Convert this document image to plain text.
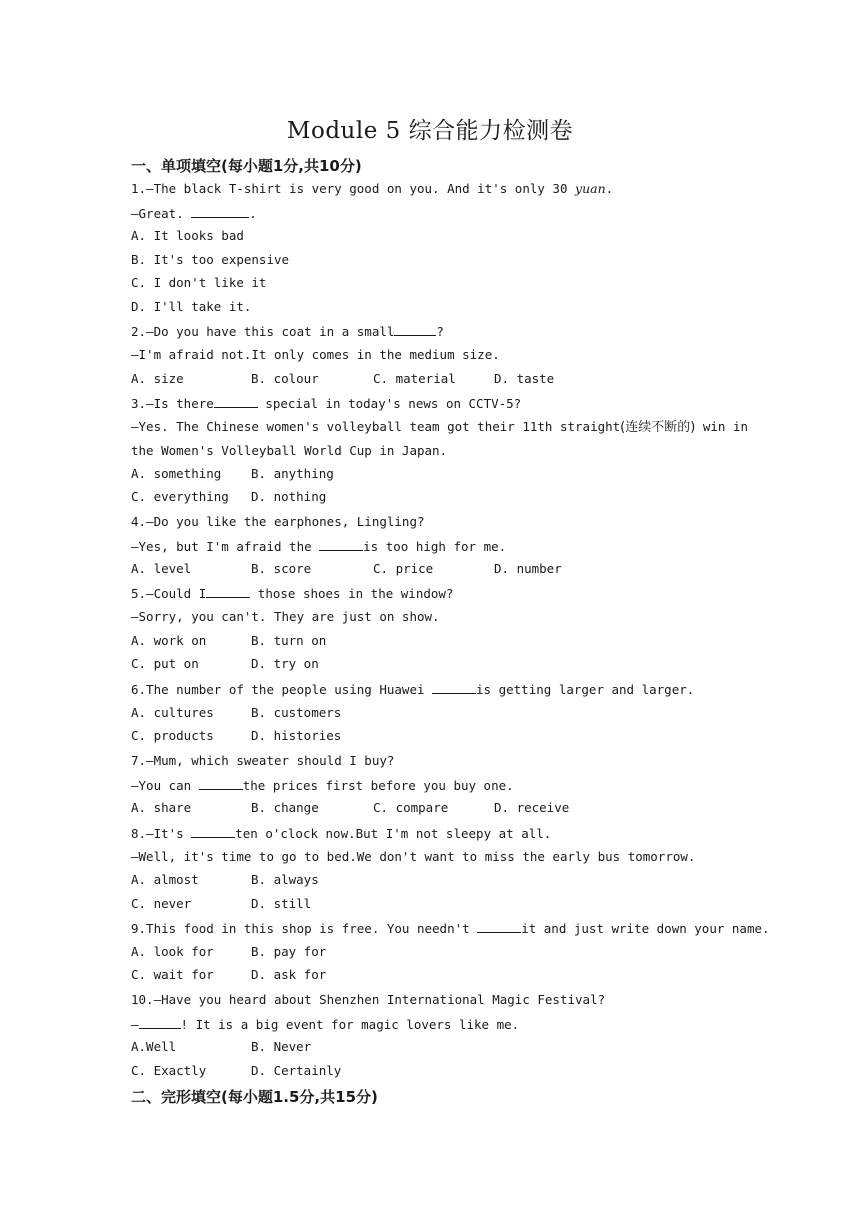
Module 5 综合能力检测卷
一、单项填空(每小题1分,共10分)
1.—The black T-shirt is very good on you. And it's only 30 yuan.
—Great.	.
A. It looks bad
B. It's too expensive
C. I don't like it
D. I'll take it.
2.—Do you have this coat in a small	?
—I'm afraid not.It only comes in the medium size.
A. size	B. colour	C. material	D. taste
3.—Is there	special in today's news on CCTV-5?
—Yes. The Chinese women's volleyball team got their 11th straight(连续不断的) win in
the Women's Volleyball World Cup in Japan.
A. something B. anything
C. everything D. nothing
4.—Do you like the earphones, Lingling?
—Yes, but I'm afraid the	is too high for me.
A. level	B. score	C. price	D. number
5.—Could I	those shoes in the window?
—Sorry, you can't. They are just on show.
A. work on	B. turn on
C. put on	D. try on
6.The number of the people using Huawei	is getting larger and larger.
A. cultures	B. customers
C. products	D. histories
7.—Mum, which sweater should I buy?
—You can	the prices first before you buy one.
A. share	B. change	C. compare	D. receive
8.—It's	ten o'clock now.But I'm not sleepy at all.
—Well, it's time to go to bed.We don't want to miss the early bus tomorrow.
A. almost	B. always
C. never	D. still
9.This food in this shop is free. You needn't	it and just write down your name.
A. look for	B. pay for
C. wait for	D. ask for
10.—Have you heard about Shenzhen International Magic Festival?
—	! It is a big event for magic lovers like me.
A.Well	B. Never
C. Exactly	D. Certainly
二、完形填空(每小题1.5分,共15分)
